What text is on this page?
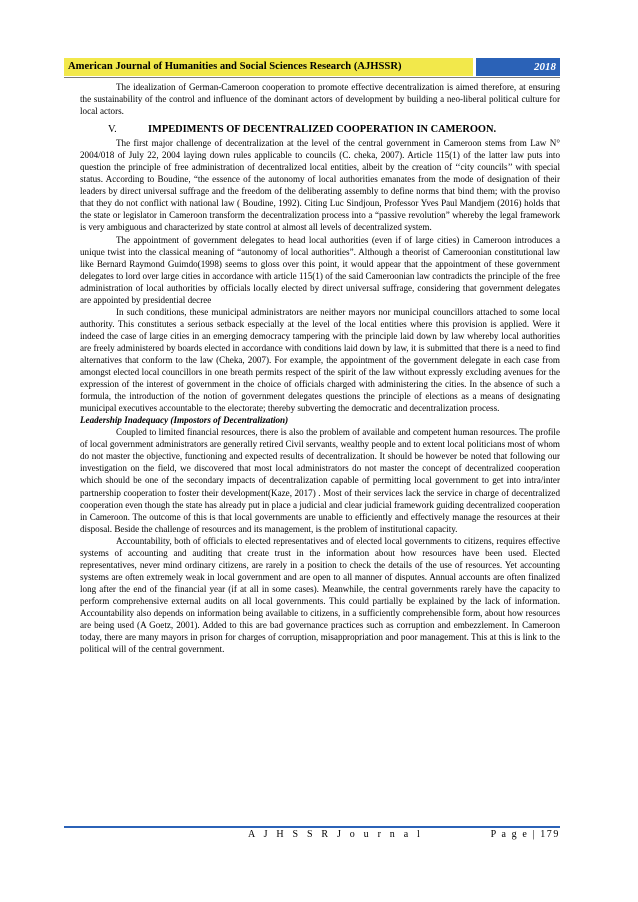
American Journal of Humanities and Social Sciences Research (AJHSSR)	2018

The idealization of German-Cameroon cooperation to promote effective decentralization is aimed therefore, at ensuring the sustainability of the control and influence of the dominant actors of development by building a neo-liberal political culture for local actors.

V.	IMPEDIMENTS OF DECENTRALIZED COOPERATION IN CAMEROON.

The first major challenge of decentralization at the level of the central government in Cameroon stems from Law N° 2004/018 of July 22, 2004 laying down rules applicable to councils (C. cheka, 2007). Article 115(1) of the latter law puts into question the principle of free administration of decentralized local entities, albeit by the creation of ‘‘city councils’’ with special status. According to Boudine, “the essence of the autonomy of local authorities emanates from the mode of designation of their leaders by direct universal suffrage and the freedom of the deliberating assembly to define norms that bind them; with the proviso that they do not conflict with national law ( Boudine, 1992). Citing Luc Sindjoun, Professor Yves Paul Mandjem (2016) holds that the state or legislator in Cameroon transform the decentralization process into a “passive revolution” whereby the legal framework is very ambiguous and characterized by state control at almost all levels of decentralized system.

The appointment of government delegates to head local authorities (even if of large cities) in Cameroon introduces a unique twist into the classical meaning of “autonomy of local authorities”. Although a theorist of Cameroonian constitutional law like Bernard Raymond Guimdo(1998) seems to gloss over this point, it would appear that the appointment of these government delegates to lord over large cities in accordance with article 115(1) of the said Cameroonian law contradicts the principle of the free administration of local authorities by officials locally elected by direct universal suffrage, considering that government delegates are appointed by presidential decree

In such conditions, these municipal administrators are neither mayors nor municipal councillors attached to some local authority. This constitutes a serious setback especially at the level of the local entities where this provision is applied. Were it indeed the case of large cities in an emerging democracy tampering with the principle laid down by law whereby local authorities are freely administered by boards elected in accordance with conditions laid down by law, it is submitted that there is a need to find alternatives that conform to the law (Cheka, 2007). For example, the appointment of the government delegate in each case from amongst elected local councillors in one breath permits respect of the spirit of the law without expressly excluding avenues for the expression of the interest of government in the choice of officials charged with administering the cities. In the absence of such a formula, the introduction of the notion of government delegates questions the principle of elections as a means of designating municipal executives accountable to the electorate; thereby subverting the democratic and decentralization process.

Leadership Inadequacy (Impostors of Decentralization)

Coupled to limited financial resources, there is also the problem of available and competent human resources. The profile of local government administrators are generally retired Civil servants, wealthy people and to extent local politicians most of whom do not master the objective, functioning and expected results of decentralization. It should be however be noted that following our investigation on the field, we discovered that most local administrators do not master the concept of decentralized cooperation which should be one of the secondary impacts of decentralization capable of permitting local government to get into intra/inter partnership cooperation to foster their development(Kaze, 2017) . Most of their services lack the service in charge of decentralized cooperation even though the state has already put in place a judicial and clear judicial framework guiding decentralized cooperation in Cameroon. The outcome of this is that local governments are unable to efficiently and effectively manage the resources at their disposal. Beside the challenge of resources and its management, is the problem of institutional capacity.

Accountability, both of officials to elected representatives and of elected local governments to citizens, requires effective systems of accounting and auditing that create trust in the information about how resources have been used. Elected representatives, never mind ordinary citizens, are rarely in a position to check the details of the use of resources. Yet accounting systems are often extremely weak in local government and are open to all manner of disputes. Annual accounts are often finalized long after the end of the financial year (if at all in some cases). Meanwhile, the central governments rarely have the capacity to perform comprehensive external audits on all local governments. This could partially be explained by the lack of information. Accountability also depends on information being available to citizens, in a sufficiently comprehensible form, about how resources are being used (A Goetz, 2001). Added to this are bad governance practices such as corruption and embezzlement. In Cameroon today, there are many mayors in prison for charges of corruption, misappropriation and poor management. This at this is link to the political will of the central government.

A J H S S R J o u r n a l	P a g e | 179
